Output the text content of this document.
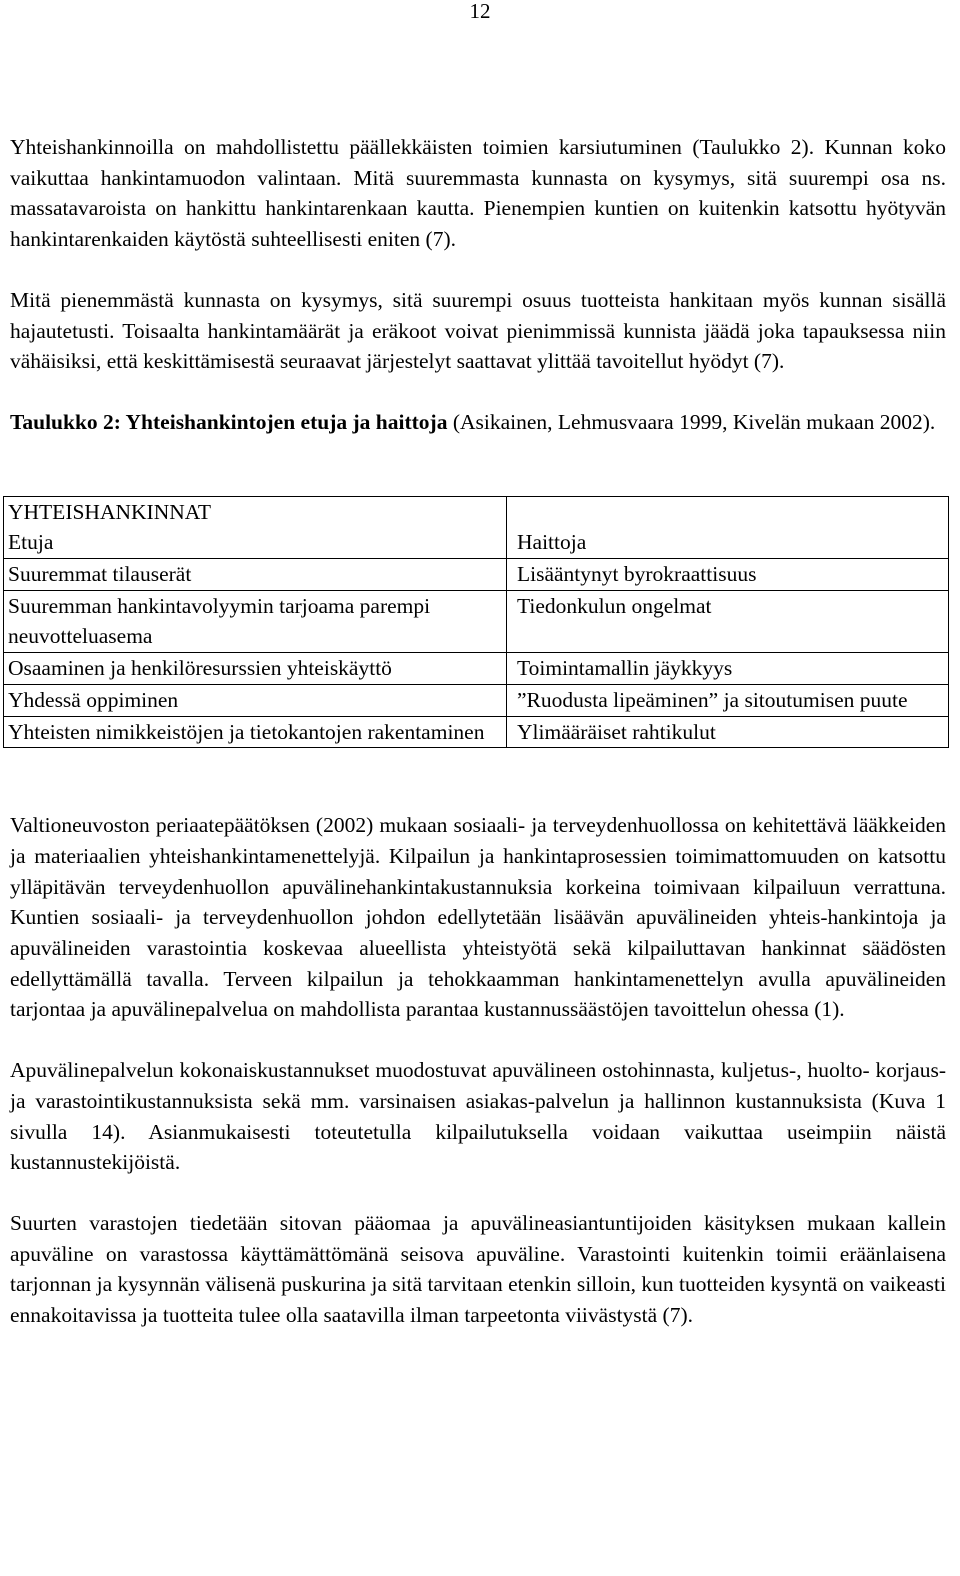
12

Yhteishankinnoilla on mahdollistettu päällekkäisten toimien karsiutuminen (Taulukko 2). Kunnan koko vaikuttaa hankintamuodon valintaan. Mitä suuremmasta kunnasta on kysymys, sitä suurempi osa ns. massatavaroista on hankittu hankintarenkaan kautta. Pienempien kuntien on kuitenkin katsottu hyötyvän hankintarenkaiden käytöstä suhteellisesti eniten (7).

Mitä pienemmästä kunnasta on kysymys, sitä suurempi osuus tuotteista hankitaan myös kunnan sisällä hajautetusti. Toisaalta hankintamäärät ja eräkoot voivat pienimmissä kunnista jäädä joka tapauksessa niin vähäisiksi, että keskittämisestä seuraavat järjestelyt saattavat ylittää tavoitellut hyödyt (7).

Taulukko 2: Yhteishankintojen etuja ja haittoja (Asikainen, Lehmusvaara 1999, Kivelän mukaan 2002).

YHTEISHANKINNAT
Etuja	Haittoja

Suuremmat tilauserät	Lisääntynyt byrokraattisuus
Suuremman hankintavolyymin tarjoama parempi neuvotteluasema	Tiedonkulun ongelmat
Osaaminen ja henkilöresurssien yhteiskäyttö	Toimintamallin jäykkyys
Yhdessä oppiminen	”Ruodusta lipeäminen” ja sitoutumisen puute
Yhteisten nimikkeistöjen ja tietokantojen rakentaminen	Ylimääräiset rahtikulut

Valtioneuvoston periaatepäätöksen (2002) mukaan sosiaali- ja terveydenhuollossa on kehitettävä lääkkeiden ja materiaalien yhteishankintamenettelyjä. Kilpailun ja hankintaprosessien toimimattomuuden on katsottu ylläpitävän terveydenhuollon apuvälinehankintakustannuksia korkeina toimivaan kilpailuun verrattuna. Kuntien sosiaali- ja terveydenhuollon johdon edellytetään lisäävän apuvälineiden yhteis-hankintoja ja apuvälineiden varastointia koskevaa alueellista yhteistyötä sekä kilpailuttavan hankinnat säädösten edellyttämällä tavalla. Terveen kilpailun ja tehokkaamman hankintamenettelyn avulla apuvälineiden tarjontaa ja apuvälinepalvelua on mahdollista parantaa kustannussäästöjen tavoittelun ohessa (1).

Apuvälinepalvelun kokonaiskustannukset muodostuvat apuvälineen ostohinnasta, kuljetus-, huolto- korjaus- ja varastointikustannuksista sekä mm. varsinaisen asiakas-palvelun ja hallinnon kustannuksista (Kuva 1 sivulla 14). Asianmukaisesti toteutetulla kilpailutuksella voidaan vaikuttaa useimpiin näistä kustannustekijöistä.

Suurten varastojen tiedetään sitovan pääomaa ja apuvälineasiantuntijoiden käsityksen mukaan kallein apuväline on varastossa käyttämättömänä seisova apuväline. Varastointi kuitenkin toimii eräänlaisena tarjonnan ja kysynnän välisenä puskurina ja sitä tarvitaan etenkin silloin, kun tuotteiden kysyntä on vaikeasti ennakoitavissa ja tuotteita tulee olla saatavilla ilman tarpeetonta viivästystä (7).
